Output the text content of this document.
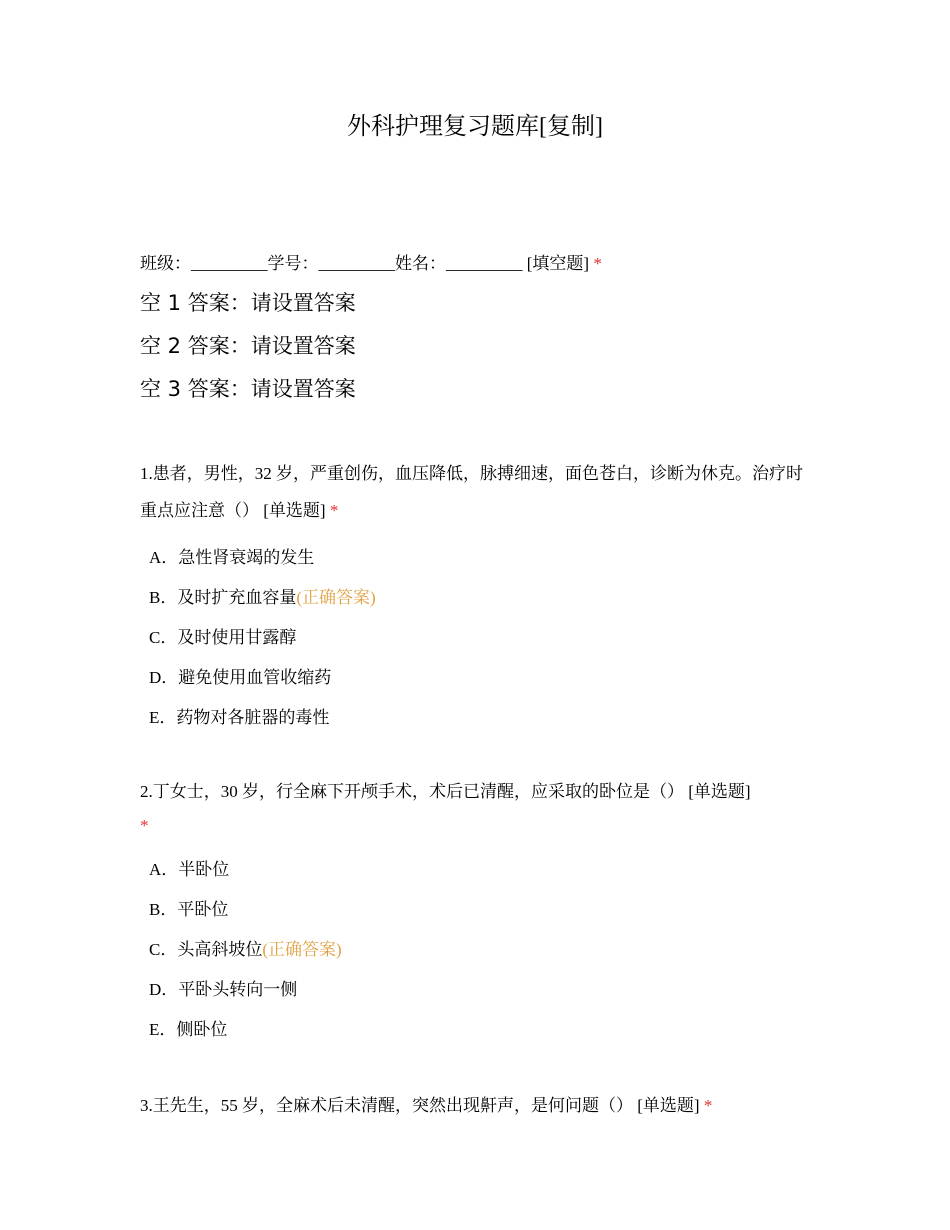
外科护理复习题库[复制]
班级：_________学号：_________姓名：_________ [填空题] *
空 1 答案：请设置答案
空 2 答案：请设置答案
空 3 答案：请设置答案
1.患者，男性，32 岁，严重创伤，血压降低，脉搏细速，面色苍白，诊断为休克。治疗时重点应注意（） [单选题] *
A．急性肾衰竭的发生
B．及时扩充血容量(正确答案)
C．及时使用甘露醇
D．避免使用血管收缩药
E．药物对各脏器的毒性
2.丁女士，30 岁，行全麻下开颅手术，术后已清醒，应采取的卧位是（） [单选题]
*
A．半卧位
B．平卧位
C．头高斜坡位(正确答案)
D．平卧头转向一侧
E．侧卧位
3.王先生，55 岁，全麻术后未清醒，突然出现鼾声，是何问题（） [单选题] *
